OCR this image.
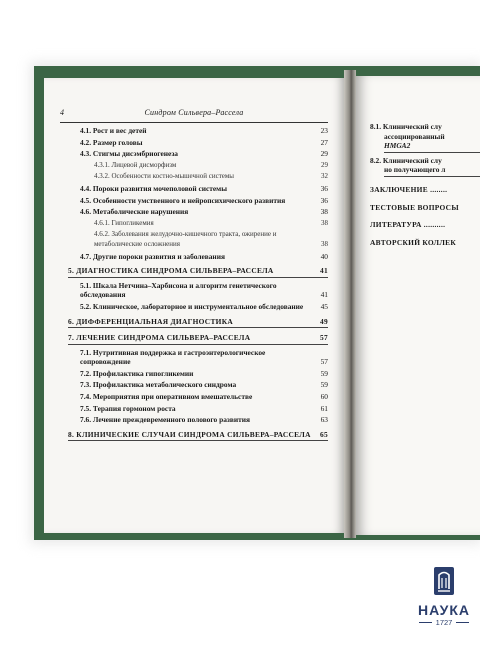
4	Синдром Сильвера–Рассела
4.1. Рост и вес детей	23
4.2. Размер головы	27
4.3. Стигмы дисэмбриогенеза	29
4.3.1. Лицевой дисморфизм	29
4.3.2. Особенности костно-мышечной системы	32
4.4. Пороки развития мочеполовой системы	36
4.5. Особенности умственного и нейропсихического развития	36
4.6. Метаболические нарушения	38
4.6.1. Гипогликемия	38
4.6.2. Заболевания желудочно-кишечного тракта, ожирение и метаболические осложнения	38
4.7. Другие пороки развития и заболевания	40
5. ДИАГНОСТИКА СИНДРОМА СИЛЬВЕРА–РАССЕЛА	41
5.1. Шкала Нетчина–Харбисона и алгоритм генетического обследования	41
5.2. Клиническое, лабораторное и инструментальное обследование	45
6. ДИФФЕРЕНЦИАЛЬНАЯ ДИАГНОСТИКА	49
7. ЛЕЧЕНИЕ СИНДРОМА СИЛЬВЕРА–РАССЕЛА	57
7.1. Нутритивная поддержка и гастроэнтерологическое сопровождение	57
7.2. Профилактика гипогликемии	59
7.3. Профилактика метаболического синдрома	59
7.4. Мероприятия при оперативном вмешательстве	60
7.5. Терапия гормоном роста	61
7.6. Лечение преждевременного полового развития	63
8. КЛИНИЧЕСКИЕ СЛУЧАИ СИНДРОМА СИЛЬВЕРА–РАССЕЛА	65
8.1. Клинический слу
ассоциированный
HMGA2
8.2. Клинический слу
но получающего л
ЗАКЛЮЧЕНИЕ ........
ТЕСТОВЫЕ ВОПРОСЫ
ЛИТЕРАТУРА ..........
АВТОРСКИЙ КОЛЛЕК
НАУКА
1727
